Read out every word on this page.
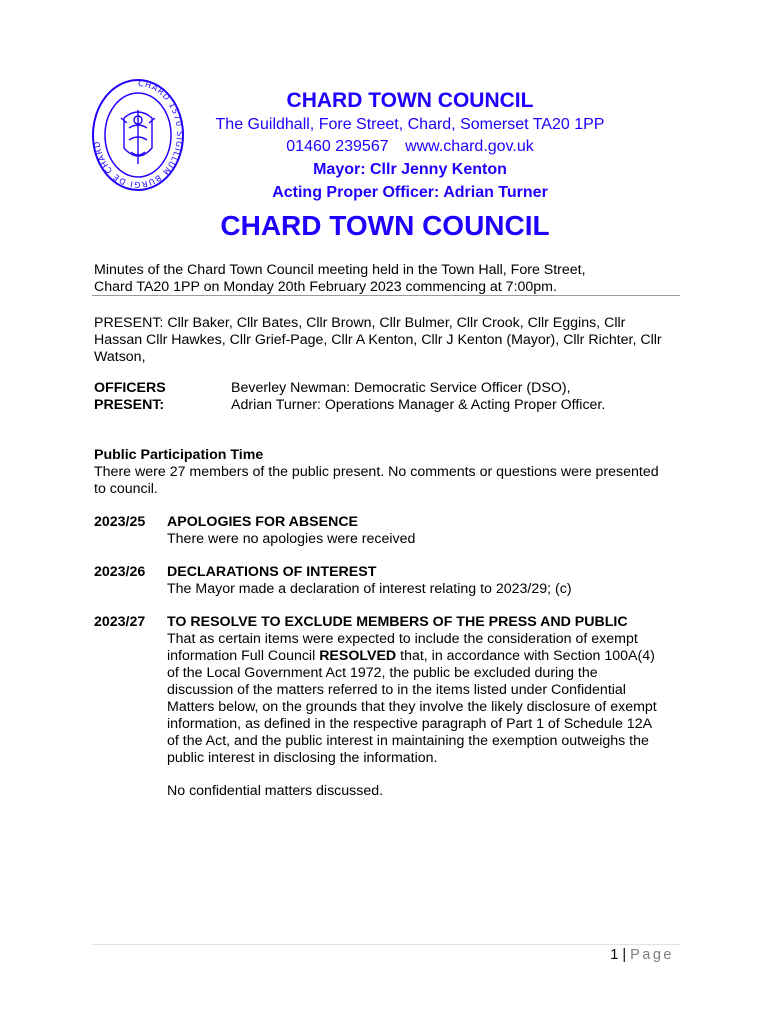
CHARD 1570 SIGILLUM BURGI DE CHARD
CHARD TOWN COUNCIL
The Guildhall, Fore Street, Chard, Somerset TA20 1PP
01460 239567 www.chard.gov.uk
Mayor: Cllr Jenny Kenton
Acting Proper Officer: Adrian Turner
CHARD TOWN COUNCIL
Minutes of the Chard Town Council meeting held in the Town Hall, Fore Street,
Chard TA20 1PP on Monday 20th February 2023 commencing at 7:00pm.
PRESENT: Cllr Baker, Cllr Bates, Cllr Brown, Cllr Bulmer, Cllr Crook, Cllr Eggins, Cllr Hassan Cllr Hawkes, Cllr Grief-Page, Cllr A Kenton, Cllr J Kenton (Mayor), Cllr Richter, Cllr Watson,
OFFICERS
PRESENT:
Beverley Newman: Democratic Service Officer (DSO),
Adrian Turner: Operations Manager & Acting Proper Officer.
Public Participation Time
There were 27 members of the public present. No comments or questions were presented to council.
2023/25 APOLOGIES FOR ABSENCE
There were no apologies were received
2023/26 DECLARATIONS OF INTEREST
The Mayor made a declaration of interest relating to 2023/29; (c)
2023/27 TO RESOLVE TO EXCLUDE MEMBERS OF THE PRESS AND PUBLIC
That as certain items were expected to include the consideration of exempt information Full Council RESOLVED that, in accordance with Section 100A(4) of the Local Government Act 1972, the public be excluded during the discussion of the matters referred to in the items listed under Confidential Matters below, on the grounds that they involve the likely disclosure of exempt information, as defined in the respective paragraph of Part 1 of Schedule 12A of the Act, and the public interest in maintaining the exemption outweighs the public interest in disclosing the information.
No confidential matters discussed.
1 | Page
